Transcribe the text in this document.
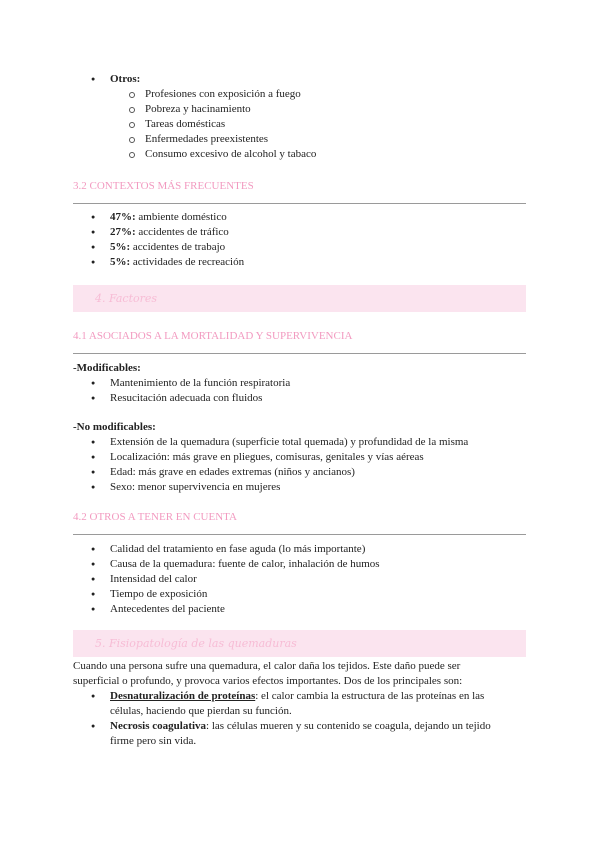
● Otros:
Profesiones con exposición a fuego
Pobreza y hacinamiento
Tareas domésticas
Enfermedades preexistentes
Consumo excesivo de alcohol y tabaco
3.2 CONTEXTOS MÁS FRECUENTES
● 47%: ambiente doméstico
● 27%: accidentes de tráfico
● 5%: accidentes de trabajo
● 5%: actividades de recreación
4. Factores
4.1 ASOCIADOS A LA MORTALIDAD Y SUPERVIVENCIA
-Modificables:
● Mantenimiento de la función respiratoria
● Resucitación adecuada con fluidos
-No modificables:
● Extensión de la quemadura (superficie total quemada) y profundidad de la misma
● Localización: más grave en pliegues, comisuras, genitales y vías aéreas
● Edad: más grave en edades extremas (niños y ancianos)
● Sexo: menor supervivencia en mujeres
4.2 OTROS A TENER EN CUENTA
● Calidad del tratamiento en fase aguda (lo más importante)
● Causa de la quemadura: fuente de calor, inhalación de humos
● Intensidad del calor
● Tiempo de exposición
● Antecedentes del paciente
5. Fisiopatología de las quemaduras
Cuando una persona sufre una quemadura, el calor daña los tejidos. Este daño puede ser
superficial o profundo, y provoca varios efectos importantes. Dos de los principales son:
● Desnaturalización de proteínas: el calor cambia la estructura de las proteínas en las
células, haciendo que pierdan su función.
● Necrosis coagulativa: las células mueren y su contenido se coagula, dejando un tejido
firme pero sin vida.
